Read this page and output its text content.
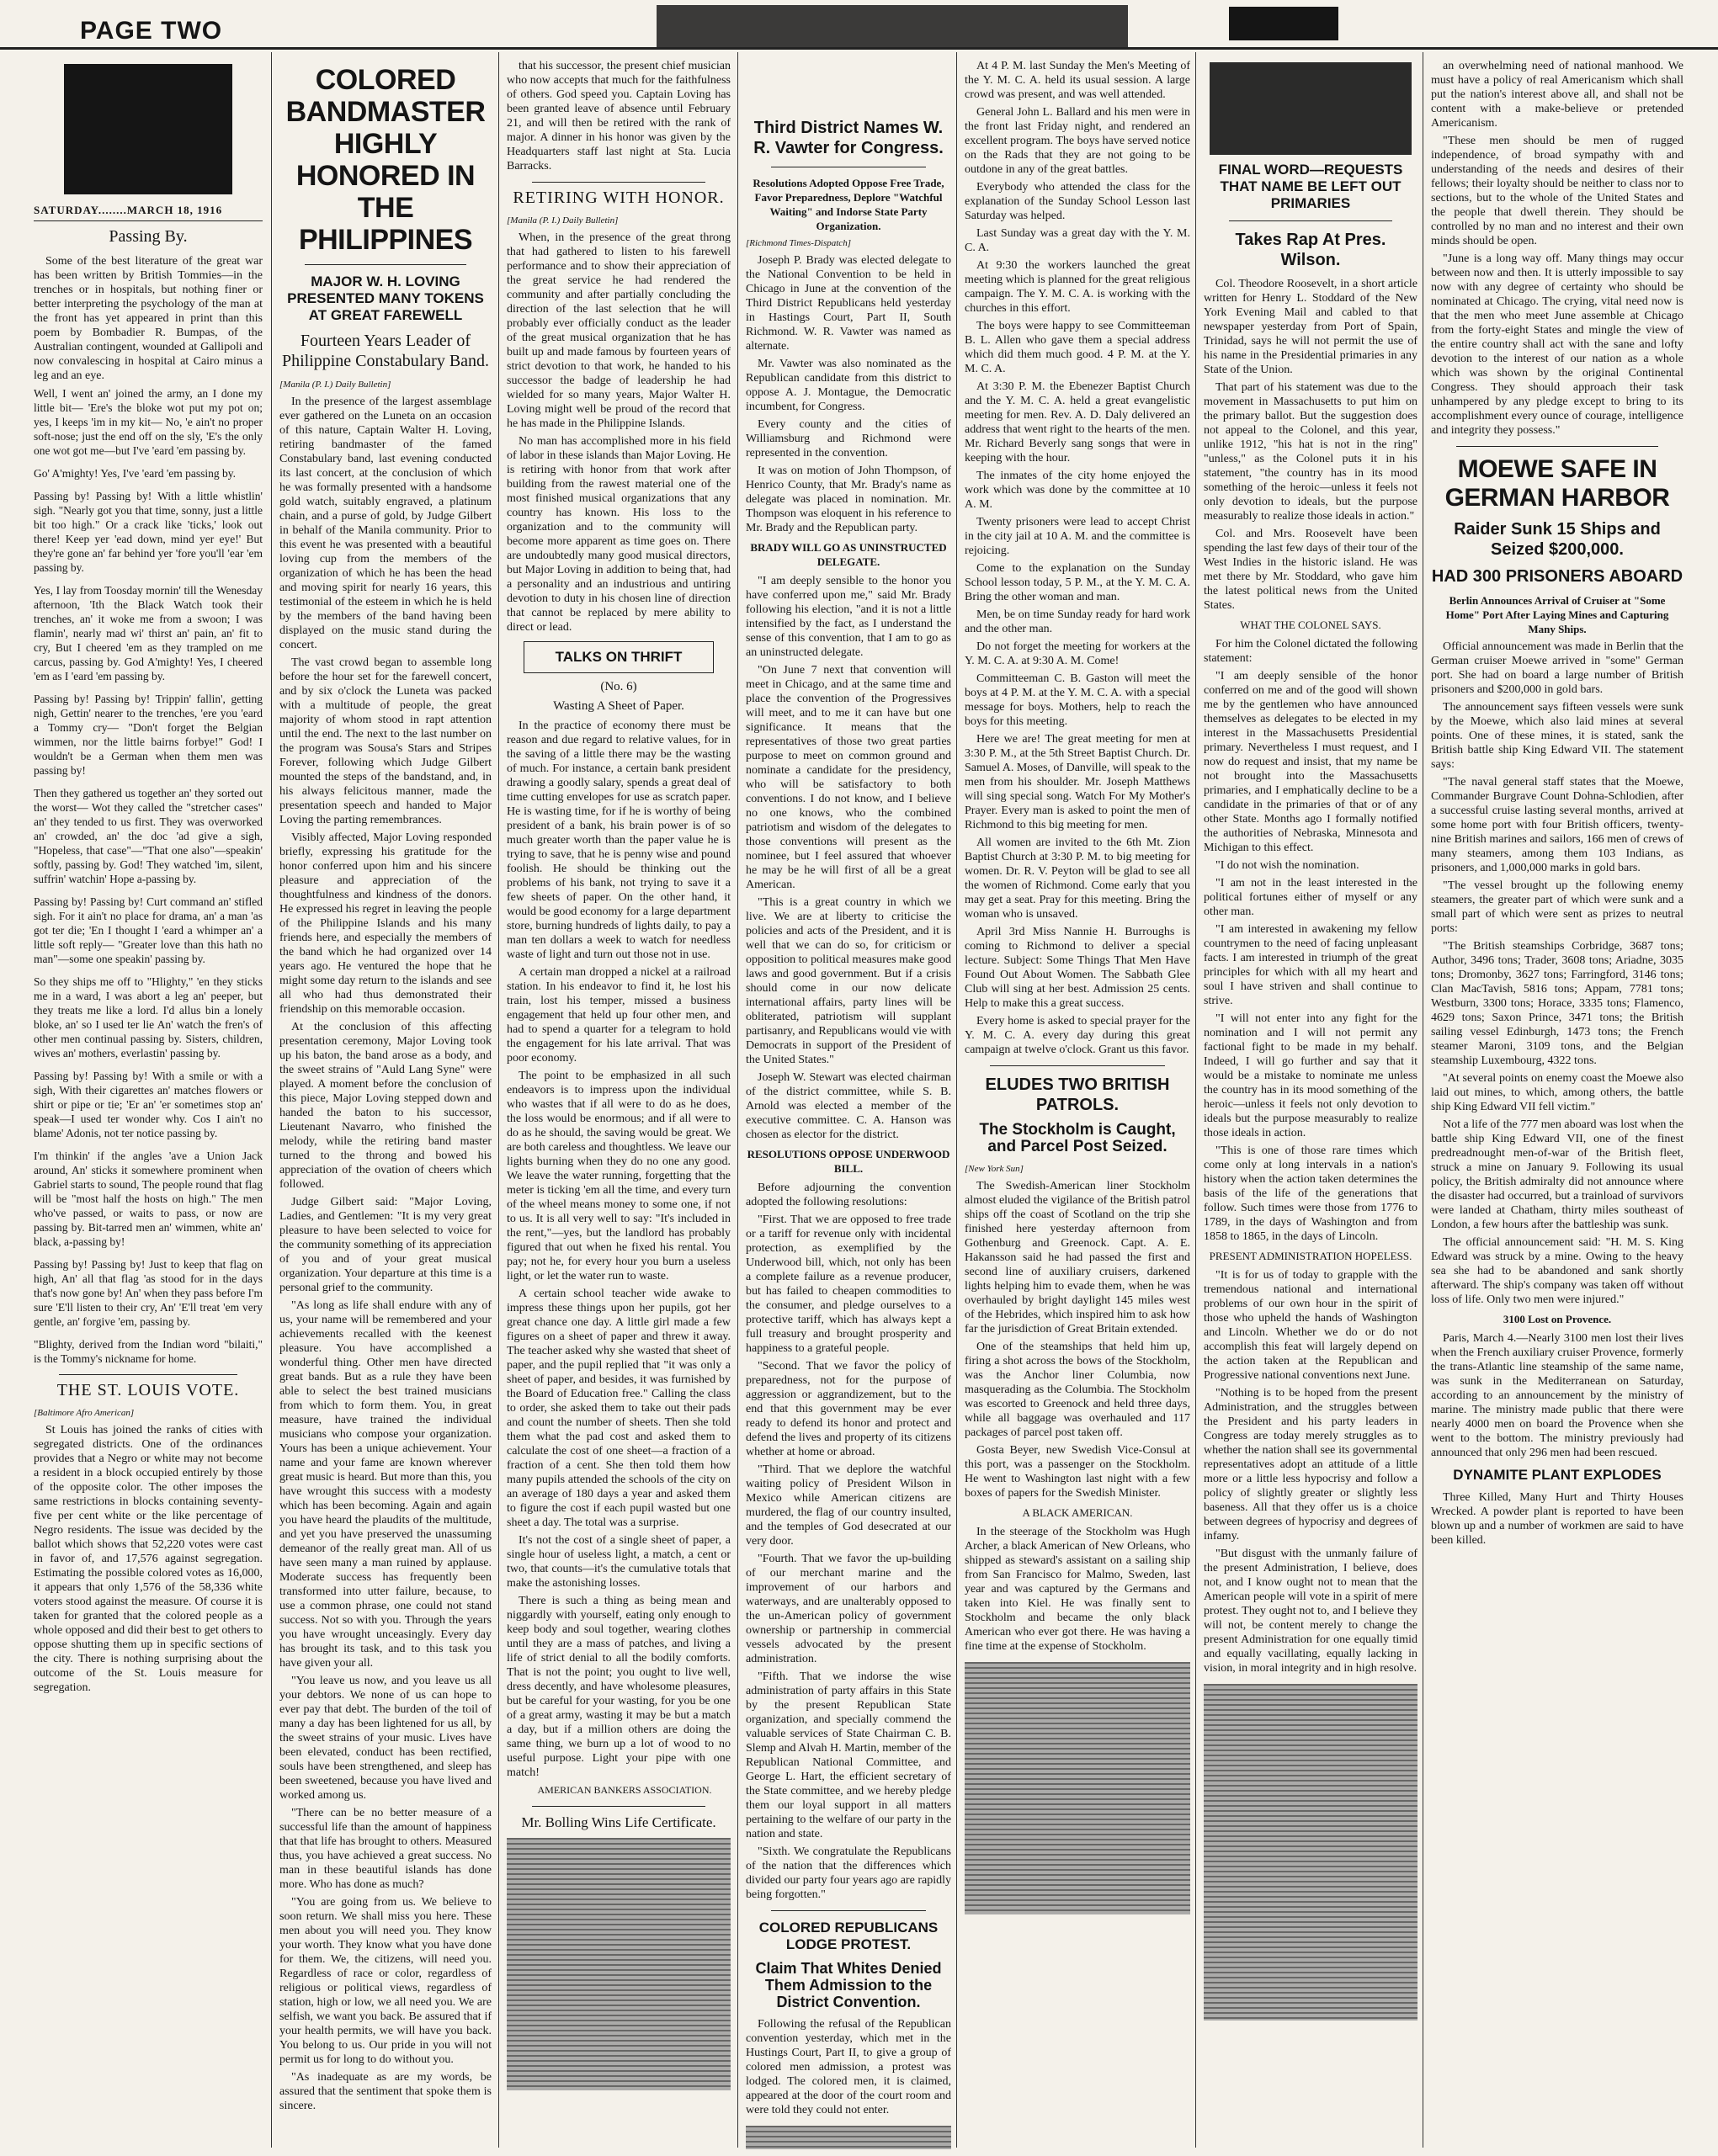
PAGE TWO
SATURDAY........MARCH 18, 1916
Passing By.

Some of the best literature of the great war has been written by British Tommies—in the trenches or in hospitals, but nothing finer or better interpreting the psychology of the man at the front has yet appeared in print than this poem by Bombadier R. Bumpas, of the Australian contingent, wounded at Gallipoli and now convalescing in hospital at Cairo minus a leg and an eye.

Well, I went an' joined the army, an I done my little bit— 'Ere's the bloke wot put my pot on; yes, I keeps 'im in my kit— No, 'e ain't no proper soft-nose; just the end off on the sly, 'E's the only one wot got me—but I've 'eard 'em passing by.

Go' A'mighty! Yes, I've 'eard 'em passing by.

Passing by! Passing by! With a little whistlin' sigh. "Nearly got you that time, sonny, just a little bit too high." Or a crack like 'ticks,' look out there! Keep yer 'ead down, mind yer eye!' But they're gone an' far behind yer 'fore you'll 'ear 'em passing by.

Yes, I lay from Toosday mornin' till the Wenesday afternoon, 'Ith the Black Watch took their trenches, an' it woke me from a swoon; I was flamin', nearly mad wi' thirst an' pain, an' fit to cry, But I cheered 'em as they trampled on me carcus, passing by. God A'mighty! Yes, I cheered 'em as I 'eard 'em passing by.

Passing by! Passing by! Trippin' fallin', getting nigh, Gettin' nearer to the trenches, 'ere you 'eard a Tommy cry— "Don't forget the Belgian wimmen, nor the little bairns forbye!" God! I wouldn't be a German when them men was passing by!

Then they gathered us together an' they sorted out the worst— Wot they called the "stretcher cases" an' they tended to us first. They was overworked an' crowded, an' the doc 'ad give a sigh, "Hopeless, that case"—"That one also"—speakin' softly, passing by. God! They watched 'im, silent, suffrin' watchin' Hope a-passing by.

Passing by! Passing by! Curt command an' stifled sigh. For it ain't no place for drama, an' a man 'as got ter die; 'En I thought I 'eard a whimper an' a little soft reply— "Greater love than this hath no man"—some one speakin' passing by.

So they ships me off to "Hlighty," 'en they sticks me in a ward, I was abort a leg an' peeper, but they treats me like a lord. I'd allus bin a lonely bloke, an' so I used ter lie An' watch the fren's of other men continual passing by. Sisters, children, wives an' mothers, everlastin' passing by.

Passing by! Passing by! With a smile or with a sigh, With their cigarettes an' matches flowers or shirt or pipe or tie; 'Er an' 'er sometimes stop an' speak—I used ter wonder why. Cos I ain't no blame' Adonis, not ter notice passing by.

I'm thinkin' if the angles 'ave a Union Jack around, An' sticks it somewhere prominent when Gabriel starts to sound, The people round that flag will be "most half the hosts on high." The men who've passed, or waits to pass, or now are passing by. Bit-tarred men an' wimmen, white an' black, a-passing by!

Passing by! Passing by! Just to keep that flag on high, An' all that flag 'as stood for in the days that's now gone by! An' when they pass before I'm sure 'E'll listen to their cry, An' 'E'll treat 'em very gentle, an' forgive 'em, passing by.

"Blighty, derived from the Indian word "bilaiti," is the Tommy's nickname for home.

THE ST. LOUIS VOTE.
[Baltimore Afro American]

St Louis has joined the ranks of cities with segregated districts. One of the ordinances provides that a Negro or white may not become a resident in a block occupied entirely by those of the opposite color. The other imposes the same restrictions in blocks containing seventy-five per cent white or the like percentage of Negro residents. The issue was decided by the ballot which shows that 52,220 votes were cast in favor of, and 17,576 against segregation. Estimating the possible colored votes as 16,000, it appears that only 1,576 of the 58,336 white voters stood against the measure. Of course it is taken for granted that the colored people as a whole opposed and did their best to get others to oppose shutting them up in specific sections of the city. There is nothing surprising about the outcome of the St. Louis measure for segregation.

COLORED BANDMASTER HIGHLY HONORED IN THE PHILIPPINES
MAJOR W. H. LOVING PRESENTED MANY TOKENS AT GREAT FAREWELL
Fourteen Years Leader of Philippine Constabulary Band.
[Manila (P. I.) Daily Bulletin]

In the presence of the largest assemblage ever gathered on the Luneta on an occasion of this nature, Captain Walter H. Loving, retiring bandmaster of the famed Constabulary band, last evening conducted its last concert, at the conclusion of which he was formally presented with a handsome gold watch, suitably engraved, a platinum chain, and a purse of gold, by Judge Gilbert in behalf of the Manila community. Prior to this event he was presented with a beautiful loving cup from the members of the organization of which he has been the head and moving spirit for nearly 16 years, this testimonial of the esteem in which he is held by the members of the band having been displayed on the music stand during the concert.

The vast crowd began to assemble long before the hour set for the farewell concert, and by six o'clock the Luneta was packed with a multitude of people, the great majority of whom stood in rapt attention until the end. The next to the last number on the program was Sousa's Stars and Stripes Forever, following which Judge Gilbert mounted the steps of the bandstand, and, in his always felicitous manner, made the presentation speech and handed to Major Loving the parting remembrances.

Visibly affected, Major Loving responded briefly, expressing his gratitude for the honor conferred upon him and his sincere pleasure and appreciation of the thoughtfulness and kindness of the donors. He expressed his regret in leaving the people of the Philippine Islands and his many friends here, and especially the members of the band which he had organized over 14 years ago. He ventured the hope that he might some day return to the islands and see all who had thus demonstrated their friendship on this memorable occasion.

At the conclusion of this affecting presentation ceremony, Major Loving took up his baton, the band arose as a body, and the sweet strains of "Auld Lang Syne" were played. A moment before the conclusion of this piece, Major Loving stepped down and handed the baton to his successor, Lieutenant Navarro, who finished the melody, while the retiring band master turned to the throng and bowed his appreciation of the ovation of cheers which followed.

Judge Gilbert said: "Major Loving, Ladies, and Gentlemen: "It is my very great pleasure to have been selected to voice for the community something of its appreciation of you and of your great musical organization. Your departure at this time is a personal grief to the community.

"As long as life shall endure with any of us, your name will be remembered and your achievements recalled with the keenest pleasure. You have accomplished a wonderful thing. Other men have directed great bands. But as a rule they have been able to select the best trained musicians from which to form them. You, in great measure, have trained the individual musicians who compose your organization. Yours has been a unique achievement. Your name and your fame are known wherever great music is heard. But more than this, you have wrought this success with a modesty which has been becoming. Again and again you have heard the plaudits of the multitude, and yet you have preserved the unassuming demeanor of the really great man. All of us have seen many a man ruined by applause. Moderate success has frequently been transformed into utter failure, because, to use a common phrase, one could not stand success. Not so with you. Through the years you have wrought unceasingly. Every day has brought its task, and to this task you have given your all.

"You leave us now, and you leave us all your debtors. We none of us can hope to ever pay that debt. The burden of the toil of many a day has been lightened for us all, by the sweet strains of your music. Lives have been elevated, conduct has been rectified, souls have been strengthened, and sleep has been sweetened, because you have lived and worked among us.

"There can be no better measure of a successful life than the amount of happiness that that life has brought to others. Measured thus, you have achieved a great success. No man in these beautiful islands has done more. Who has done as much?

"You are going from us. We believe to soon return. We shall miss you here. These men about you will need you. They know your worth. They know what you have done for them. We, the citizens, will need you. Regardless of race or color, regardless of religious or political views, regardless of station, high or low, we all need you. We are selfish, we want you back. Be assured that if your health permits, we will have you back. You belong to us. Our pride in you will not permit us for long to do without you.

"As inadequate as are my words, be assured that the sentiment that spoke them is sincere.

that his successor, the present chief musician who now accepts that much for the faithfulness of others. God speed you. Captain Loving has been granted leave of absence until February 21, and will then be retired with the rank of major. A dinner in his honor was given by the Headquarters staff last night at Sta. Lucia Barracks.

RETIRING WITH HONOR.
[Manila (P. I.) Daily Bulletin]

When, in the presence of the great throng that had gathered to listen to his farewell performance and to show their appreciation of the great service he had rendered the community and after partially concluding the direction of the last selection that he will probably ever officially conduct as the leader of the great musical organization that he has built up and made famous by fourteen years of strict devotion to that work, he handed to his successor the badge of leadership he had wielded for so many years, Major Walter H. Loving might well be proud of the record that he has made in the Philippine Islands.

No man has accomplished more in his field of labor in these islands than Major Loving. He is retiring with honor from that work after building from the rawest material one of the most finished musical organizations that any country has known. His loss to the organization and to the community will become more apparent as time goes on. There are undoubtedly many good musical directors, but Major Loving in addition to being that, had a personality and an industrious and untiring devotion to duty in his chosen line of direction that cannot be replaced by mere ability to direct or lead.

TALKS ON THRIFT
(No. 6)
Wasting A Sheet of Paper.

In the practice of economy there must be reason and due regard to relative values, for in the saving of a little there may be the wasting of much. For instance, a certain bank president drawing a goodly salary, spends a great deal of time cutting envelopes for use as scratch paper. He is wasting time, for if he is worthy of being president of a bank, his brain power is of so much greater worth than the paper value he is trying to save, that he is penny wise and pound foolish. He should be thinking out the problems of his bank, not trying to save it a few sheets of paper. On the other hand, it would be good economy for a large department store, burning hundreds of lights daily, to pay a man ten dollars a week to watch for needless waste of light and turn out those not in use.

A certain man dropped a nickel at a railroad station. In his endeavor to find it, he lost his train, lost his temper, missed a business engagement that held up four other men, and had to spend a quarter for a telegram to hold the engagement for his late arrival. That was poor economy.

The point to be emphasized in all such endeavors is to impress upon the individual who wastes that if all were to do as he does, the loss would be enormous; and if all were to do as he should, the saving would be great. We are both careless and thoughtless. We leave our lights burning when they do no one any good. We leave the water running, forgetting that the meter is ticking 'em all the time, and every turn of the wheel means money to some one, if not to us. It is all very well to say: "It's included in the rent,"—yes, but the landlord has probably figured that out when he fixed his rental. You pay; not he, for every hour you burn a useless light, or let the water run to waste.

A certain school teacher wide awake to impress these things upon her pupils, got her great chance one day. A little girl made a few figures on a sheet of paper and threw it away. The teacher asked why she wasted that sheet of paper, and the pupil replied that "it was only a sheet of paper, and besides, it was furnished by the Board of Education free." Calling the class to order, she asked them to take out their pads and count the number of sheets. Then she told them what the pad cost and asked them to calculate the cost of one sheet—a fraction of a fraction of a cent. She then told them how many pupils attended the schools of the city on an average of 180 days a year and asked them to figure the cost if each pupil wasted but one sheet a day. The total was a surprise.

It's not the cost of a single sheet of paper, a single hour of useless light, a match, a cent or two, that counts—it's the cumulative totals that make the astonishing losses.

There is such a thing as being mean and niggardly with yourself, eating only enough to keep body and soul together, wearing clothes until they are a mass of patches, and living a life of strict denial to all the bodily comforts. That is not the point; you ought to live well, dress decently, and have wholesome pleasures, but be careful for your wasting, for you be one of a great army, wasting it may be but a match a day, but if a million others are doing the same thing, we burn up a lot of wood to no useful purpose. Light your pipe with one match!

AMERICAN BANKERS ASSOCIATION.

Mr. Bolling Wins Life Certificate.
Third District Names W. R. Vawter for Congress.

Resolutions Adopted Oppose Free Trade, Favor Preparedness, Deplore "Watchful Waiting" and Indorse State Party Organization.

[Richmond Times-Dispatch]

Joseph P. Brady was elected delegate to the National Convention to be held in Chicago in June at the convention of the Third District Republicans held yesterday in Hastings Court, Part II, South Richmond. W. R. Vawter was named as alternate.

Mr. Vawter was also nominated as the Republican candidate from this district to oppose A. J. Montague, the Democratic incumbent, for Congress.

Every county and the cities of Williamsburg and Richmond were represented in the convention.

It was on motion of John Thompson, of Henrico County, that Mr. Brady's name as delegate was placed in nomination. Mr. Thompson was eloquent in his reference to Mr. Brady and the Republican party.

BRADY WILL GO AS UNINSTRUCTED DELEGATE.

"I am deeply sensible to the honor you have conferred upon me," said Mr. Brady following his election, "and it is not a little intensified by the fact, as I understand the sense of this convention, that I am to go as an uninstructed delegate.

"On June 7 next that convention will meet in Chicago, and at the same time and place the convention of the Progressives will meet, and to me it can have but one significance. It means that the representatives of those two great parties purpose to meet on common ground and nominate a candidate for the presidency, who will be satisfactory to both conventions. I do not know, and I believe no one knows, who the combined patriotism and wisdom of the delegates to those conventions will present as the nominee, but I feel assured that whoever he may be he will first of all be a great American.

"This is a great country in which we live. We are at liberty to criticise the policies and acts of the President, and it is well that we can do so, for criticism or opposition to political measures make good laws and good government. But if a crisis should come in our now delicate international affairs, party lines will be obliterated, patriotism will supplant partisanry, and Republicans would vie with Democrats in support of the President of the United States."

Joseph W. Stewart was elected chairman of the district committee, while S. B. Arnold was elected a member of the executive committee. C. A. Hanson was chosen as elector for the district.

RESOLUTIONS OPPOSE UNDERWOOD BILL.

Before adjourning the convention adopted the following resolutions:

"First. That we are opposed to free trade or a tariff for revenue only with incidental protection, as exemplified by the Underwood bill, which, not only has been a complete failure as a revenue producer, but has failed to cheapen commodities to the consumer, and pledge ourselves to a protective tariff, which has always kept a full treasury and brought prosperity and happiness to a grateful people.

"Second. That we favor the policy of preparedness, not for the purpose of aggression or aggrandizement, but to the end that this government may be ever ready to defend its honor and protect and defend the lives and property of its citizens whether at home or abroad.

"Third. That we deplore the watchful waiting policy of President Wilson in Mexico while American citizens are murdered, the flag of our country insulted, and the temples of God desecrated at our very door.

"Fourth. That we favor the up-building of our merchant marine and the improvement of our harbors and waterways, and are unalterably opposed to the un-American policy of government ownership or partnership in commercial vessels advocated by the present administration.

"Fifth. That we indorse the wise administration of party affairs in this State by the present Republican State organization, and specially commend the valuable services of State Chairman C. B. Slemp and Alvah H. Martin, member of the Republican National Committee, and George L. Hart, the efficient secretary of the State committee, and we hereby pledge them our loyal support in all matters pertaining to the welfare of our party in the nation and state.

"Sixth. We congratulate the Republicans of the nation that the differences which divided our party four years ago are rapidly being forgotten."

COLORED REPUBLICANS LODGE PROTEST.
Claim That Whites Denied Them Admission to the District Convention.

Following the refusal of the Republican convention yesterday, which met in the Hustings Court, Part II, to give a group of colored men admission, a protest was lodged. The colored men, it is claimed, appeared at the door of the court room and were told they could not enter.

At 4 P. M. last Sunday the Men's Meeting of the Y. M. C. A. held its usual session. A large crowd was present, and was well attended.

General John L. Ballard and his men were in the front last Friday night, and rendered an excellent program. The boys have served notice on the Rads that they are not going to be outdone in any of the great battles.

Everybody who attended the class for the explanation of the Sunday School Lesson last Saturday was helped.

Last Sunday was a great day with the Y. M. C. A.

At 9:30 the workers launched the great meeting which is planned for the great religious campaign. The Y. M. C. A. is working with the churches in this effort.

The boys were happy to see Committeeman B. L. Allen who gave them a special address which did them much good. 4 P. M. at the Y. M. C. A.

At 3:30 P. M. the Ebenezer Baptist Church and the Y. M. C. A. held a great evangelistic meeting for men. Rev. A. D. Daly delivered an address that went right to the hearts of the men. Mr. Richard Beverly sang songs that were in keeping with the hour.

The inmates of the city home enjoyed the work which was done by the committee at 10 A. M.

Twenty prisoners were lead to accept Christ in the city jail at 10 A. M. and the committee is rejoicing.

Come to the explanation on the Sunday School lesson today, 5 P. M., at the Y. M. C. A. Bring the other woman and man.

Men, be on time Sunday ready for hard work and the other man.

Do not forget the meeting for workers at the Y. M. C. A. at 9:30 A. M. Come!

Committeeman C. B. Gaston will meet the boys at 4 P. M. at the Y. M. C. A. with a special message for boys. Mothers, help to reach the boys for this meeting.

Here we are! The great meeting for men at 3:30 P. M., at the 5th Street Baptist Church. Dr. Samuel A. Moses, of Danville, will speak to the men from his shoulder. Mr. Joseph Matthews will sing special song. Watch For My Mother's Prayer. Every man is asked to point the men of Richmond to this big meeting for men.

All women are invited to the 6th Mt. Zion Baptist Church at 3:30 P. M. to big meeting for women. Dr. R. V. Peyton will be glad to see all the women of Richmond. Come early that you may get a seat. Pray for this meeting. Bring the woman who is unsaved.

April 3rd Miss Nannie H. Burroughs is coming to Richmond to deliver a special lecture. Subject: Some Things That Men Have Found Out About Women. The Sabbath Glee Club will sing at her best. Admission 25 cents. Help to make this a great success.

Every home is asked to special prayer for the Y. M. C. A. every day during this great campaign at twelve o'clock. Grant us this favor.

ELUDES TWO BRITISH PATROLS.
The Stockholm is Caught, and Parcel Post Seized.
[New York Sun]

The Swedish-American liner Stockholm almost eluded the vigilance of the British patrol ships off the coast of Scotland on the trip she finished here yesterday afternoon from Gothenburg and Greenock. Capt. A. E. Hakansson said he had passed the first and second line of auxiliary cruisers, darkened lights helping him to evade them, when he was overhauled by bright daylight 145 miles west of the Hebrides, which inspired him to ask how far the jurisdiction of Great Britain extended.

One of the steamships that held him up, firing a shot across the bows of the Stockholm, was the Anchor liner Columbia, now masquerading as the Columbia. The Stockholm was escorted to Greenock and held three days, while all baggage was overhauled and 117 packages of parcel post taken off.

Gosta Beyer, new Swedish Vice-Consul at this port, was a passenger on the Stockholm. He went to Washington last night with a few boxes of papers for the Swedish Minister.

A BLACK AMERICAN.

In the steerage of the Stockholm was Hugh Archer, a black American of New Orleans, who shipped as steward's assistant on a sailing ship from San Francisco for Malmo, Sweden, last year and was captured by the Germans and taken into Kiel. He was finally sent to Stockholm and became the only black American who ever got there. He was having a fine time at the expense of Stockholm.

FINAL WORD—REQUESTS THAT NAME BE LEFT OUT PRIMARIES
Takes Rap At Pres. Wilson.

Col. Theodore Roosevelt, in a short article written for Henry L. Stoddard of the New York Evening Mail and cabled to that newspaper yesterday from Port of Spain, Trinidad, says he will not permit the use of his name in the Presidential primaries in any State of the Union.

That part of his statement was due to the movement in Massachusetts to put him on the primary ballot. But the suggestion does not appeal to the Colonel, and this year, unlike 1912, "his hat is not in the ring" "unless," as the Colonel puts it in his statement, "the country has in its mood something of the heroic—unless it feels not only devotion to ideals, but the purpose measurably to realize those ideals in action."

Col. and Mrs. Roosevelt have been spending the last few days of their tour of the West Indies in the historic island. He was met there by Mr. Stoddard, who gave him the latest political news from the United States.

WHAT THE COLONEL SAYS.

For him the Colonel dictated the following statement:

"I am deeply sensible of the honor conferred on me and of the good will shown me by the gentlemen who have announced themselves as delegates to be elected in my interest in the Massachusetts Presidential primary. Nevertheless I must request, and I now do request and insist, that my name be not brought into the Massachusetts primaries, and I emphatically decline to be a candidate in the primaries of that or of any other State. Months ago I formally notified the authorities of Nebraska, Minnesota and Michigan to this effect.

"I do not wish the nomination.

"I am not in the least interested in the political fortunes either of myself or any other man.

"I am interested in awakening my fellow countrymen to the need of facing unpleasant facts. I am interested in triumph of the great principles for which with all my heart and soul I have striven and shall continue to strive.

"I will not enter into any fight for the nomination and I will not permit any factional fight to be made in my behalf. Indeed, I will go further and say that it would be a mistake to nominate me unless the country has in its mood something of the heroic—unless it feels not only devotion to ideals but the purpose measurably to realize those ideals in action.

"This is one of those rare times which come only at long intervals in a nation's history when the action taken determines the basis of the life of the generations that follow. Such times were those from 1776 to 1789, in the days of Washington and from 1858 to 1865, in the days of Lincoln.

PRESENT ADMINISTRATION HOPELESS.

"It is for us of today to grapple with the tremendous national and international problems of our own hour in the spirit of those who upheld the hands of Washington and Lincoln. Whether we do or do not accomplish this feat will largely depend on the action taken at the Republican and Progressive national conventions next June.

"Nothing is to be hoped from the present Administration, and the struggles between the President and his party leaders in Congress are today merely struggles as to whether the nation shall see its governmental representatives adopt an attitude of a little more or a little less hypocrisy and follow a policy of slightly greater or slightly less baseness. All that they offer us is a choice between degrees of hypocrisy and degrees of infamy.

"But disgust with the unmanly failure of the present Administration, I believe, does not, and I know ought not to mean that the American people will vote in a spirit of mere protest. They ought not to, and I believe they will not, be content merely to change the present Administration for one equally timid and equally vacillating, equally lacking in vision, in moral integrity and in high resolve.

an overwhelming need of national manhood. We must have a policy of real Americanism which shall put the nation's interest above all, and shall not be content with a make-believe or pretended Americanism.

"These men should be men of rugged independence, of broad sympathy with and understanding of the needs and desires of their fellows; their loyalty should be neither to class nor to sections, but to the whole of the United States and the people that dwell therein. They should be controlled by no man and no interest and their own minds should be open.

"June is a long way off. Many things may occur between now and then. It is utterly impossible to say now with any degree of certainty who should be nominated at Chicago. The crying, vital need now is that the men who meet June assemble at Chicago from the forty-eight States and mingle the view of the entire country shall act with the sane and lofty devotion to the interest of our nation as a whole which was shown by the original Continental Congress. They should approach their task unhampered by any pledge except to bring to its accomplishment every ounce of courage, intelligence and integrity they possess."

MOEWE SAFE IN GERMAN HARBOR
Raider Sunk 15 Ships and Seized $200,000.
HAD 300 PRISONERS ABOARD

Berlin Announces Arrival of Cruiser at "Some Home" Port After Laying Mines and Capturing Many Ships.

Official announcement was made in Berlin that the German cruiser Moewe arrived in "some" German port. She had on board a large number of British prisoners and $200,000 in gold bars.

The announcement says fifteen vessels were sunk by the Moewe, which also laid mines at several points. One of these mines, it is stated, sank the British battle ship King Edward VII. The statement says:

"The naval general staff states that the Moewe, Commander Burgrave Count Dohna-Schlodien, after a successful cruise lasting several months, arrived at some home port with four British officers, twenty-nine British marines and sailors, 166 men of crews of many steamers, among them 103 Indians, as prisoners, and 1,000,000 marks in gold bars.

"The vessel brought up the following enemy steamers, the greater part of which were sunk and a small part of which were sent as prizes to neutral ports:

"The British steamships Corbridge, 3687 tons; Author, 3496 tons; Trader, 3608 tons; Ariadne, 3035 tons; Dromonby, 3627 tons; Farringford, 3146 tons; Clan MacTavish, 5816 tons; Appam, 7781 tons; Westburn, 3300 tons; Horace, 3335 tons; Flamenco, 4629 tons; Saxon Prince, 3471 tons; the British sailing vessel Edinburgh, 1473 tons; the French steamer Maroni, 3109 tons, and the Belgian steamship Luxembourg, 4322 tons.

"At several points on enemy coast the Moewe also laid out mines, to which, among others, the battle ship King Edward VII fell victim."

Not a life of the 777 men aboard was lost when the battle ship King Edward VII, one of the finest predreadnought men-of-war of the British fleet, struck a mine on January 9. Following its usual policy, the British admiralty did not announce where the disaster had occurred, but a trainload of survivors were landed at Chatham, thirty miles southeast of London, a few hours after the battleship was sunk.

The official announcement said: "H. M. S. King Edward was struck by a mine. Owing to the heavy sea she had to be abandoned and sank shortly afterward. The ship's company was taken off without loss of life. Only two men were injured."

3100 Lost on Provence.

Paris, March 4.—Nearly 3100 men lost their lives when the French auxiliary cruiser Provence, formerly the trans-Atlantic line steamship of the same name, was sunk in the Mediterranean on Saturday, according to an announcement by the ministry of marine. The ministry made public that there were nearly 4000 men on board the Provence when she went to the bottom. The ministry previously had announced that only 296 men had been rescued.

DYNAMITE PLANT EXPLODES

Three Killed, Many Hurt and Thirty Houses Wrecked. A powder plant is reported to have been blown up and a number of workmen are said to have been killed.
